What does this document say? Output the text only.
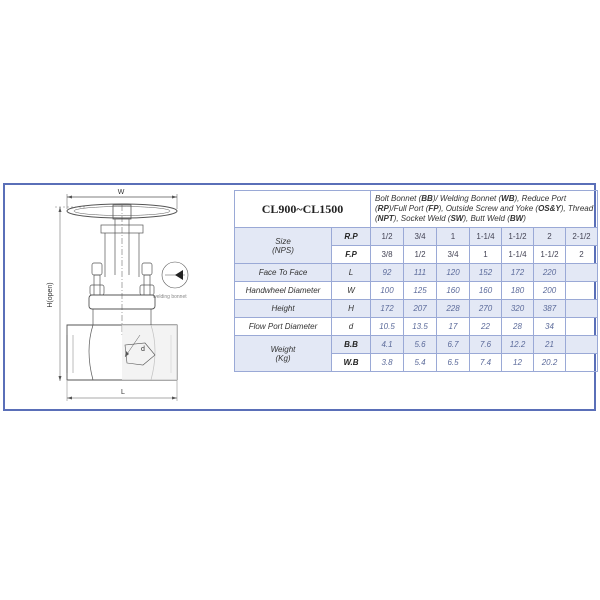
W
L
d
H(open)	welding bonnet
CL900~CL1500		Bolt Bonnet (BB)/ Welding Bonnet (WB), Reduce Port (RP)/Full Port (FP), Outside Screw and Yoke (OS&Y), Thread (NPT), Socket Weld (SW), Butt Weld (BW)						

Size
(NPS)	R.P	1/2	3/4	1	1-1/4	1-1/2	2	2-1/2
	F.P	3/8	1/2	3/4	1	1-1/4	1-1/2	2
Face To Face	L	92	111	120	152	172	220	
Handwheel Diameter	W	100	125	160	160	180	200	
Height	H	172	207	228	270	320	387	
Flow Port Diameter	d	10.5	13.5	17	22	28	34	

Weight
(Kg)	B.B	4.1	5.6	6.7	7.6	12.2	21	
	W.B	3.8	5.4	6.5	7.4	12	20.2	
